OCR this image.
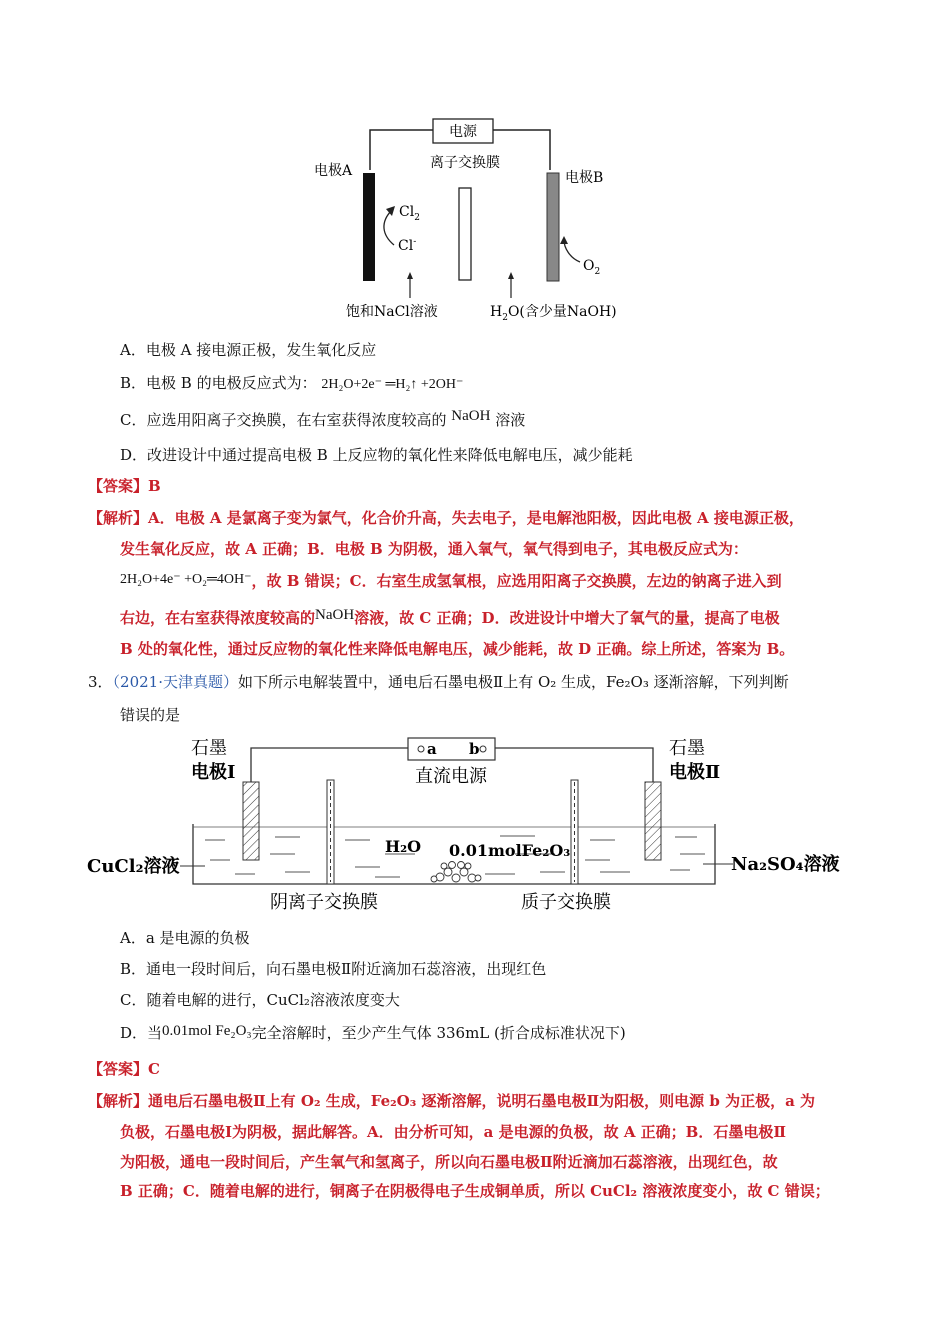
电源
离子交换膜
电极A	电极B
$Cl_2$
Cl-
$O_2$
饱和NaCl溶液	$H_2O$(含少量NaOH)
A．电极 A 接电源正极，发生氧化反应
B．电极 B 的电极反应式为： 2H₂O+2e⁻ ═H₂↑ +2OH⁻
C．应选用阳离子交换膜，在右室获得浓度较高的 NaOH 溶液
D．改进设计中通过提高电极 B 上反应物的氧化性来降低电解电压，减少能耗
【答案】B
【解析】A．电极 A 是氯离子变为氯气，化合价升高，失去电子，是电解池阳极，因此电极 A 接电源正极，
发生氧化反应，故 A 正确；B．电极 B 为阴极，通入氧气，氧气得到电子，其电极反应式为：
2H₂O+4e⁻ +O₂═4OH⁻，故 B 错误；C．右室生成氢氧根，应选用阳离子交换膜，左边的钠离子进入到
右边，在右室获得浓度较高的NaOH溶液，故 C 正确；D．改进设计中增大了氧气的量，提高了电极
B 处的氧化性，通过反应物的氧化性来降低电解电压，减少能耗，故 D 正确。综上所述，答案为 B。
3．（2021·天津真题）如下所示电解装置中，通电后石墨电极Ⅱ上有 O₂ 生成，Fe₂O₃ 逐渐溶解，下列判断
错误的是
石墨
电极Ⅰ
石墨
电极Ⅱ
a b
直流电源
H₂O 0.01molFe₂O₃
CuCl₂溶液	Na₂SO₄溶液
阴离子交换膜	质子交换膜
A．a 是电源的负极
B．通电一段时间后，向石墨电极Ⅱ附近滴加石蕊溶液，出现红色
C．随着电解的进行，CuCl₂溶液浓度变大
D．当0.01mol Fe₂O₃完全溶解时，至少产生气体 336mL (折合成标准状况下)
【答案】C
【解析】通电后石墨电极Ⅱ上有 O₂ 生成，Fe₂O₃ 逐渐溶解，说明石墨电极Ⅱ为阳极，则电源 b 为正极，a 为
负极，石墨电极Ⅰ为阴极，据此解答。A．由分析可知，a 是电源的负极，故 A 正确；B．石墨电极Ⅱ
为阳极，通电一段时间后，产生氧气和氢离子，所以向石墨电极Ⅱ附近滴加石蕊溶液，出现红色，故
B 正确；C．随着电解的进行，铜离子在阴极得电子生成铜单质，所以 CuCl₂ 溶液浓度变小，故 C 错误；
